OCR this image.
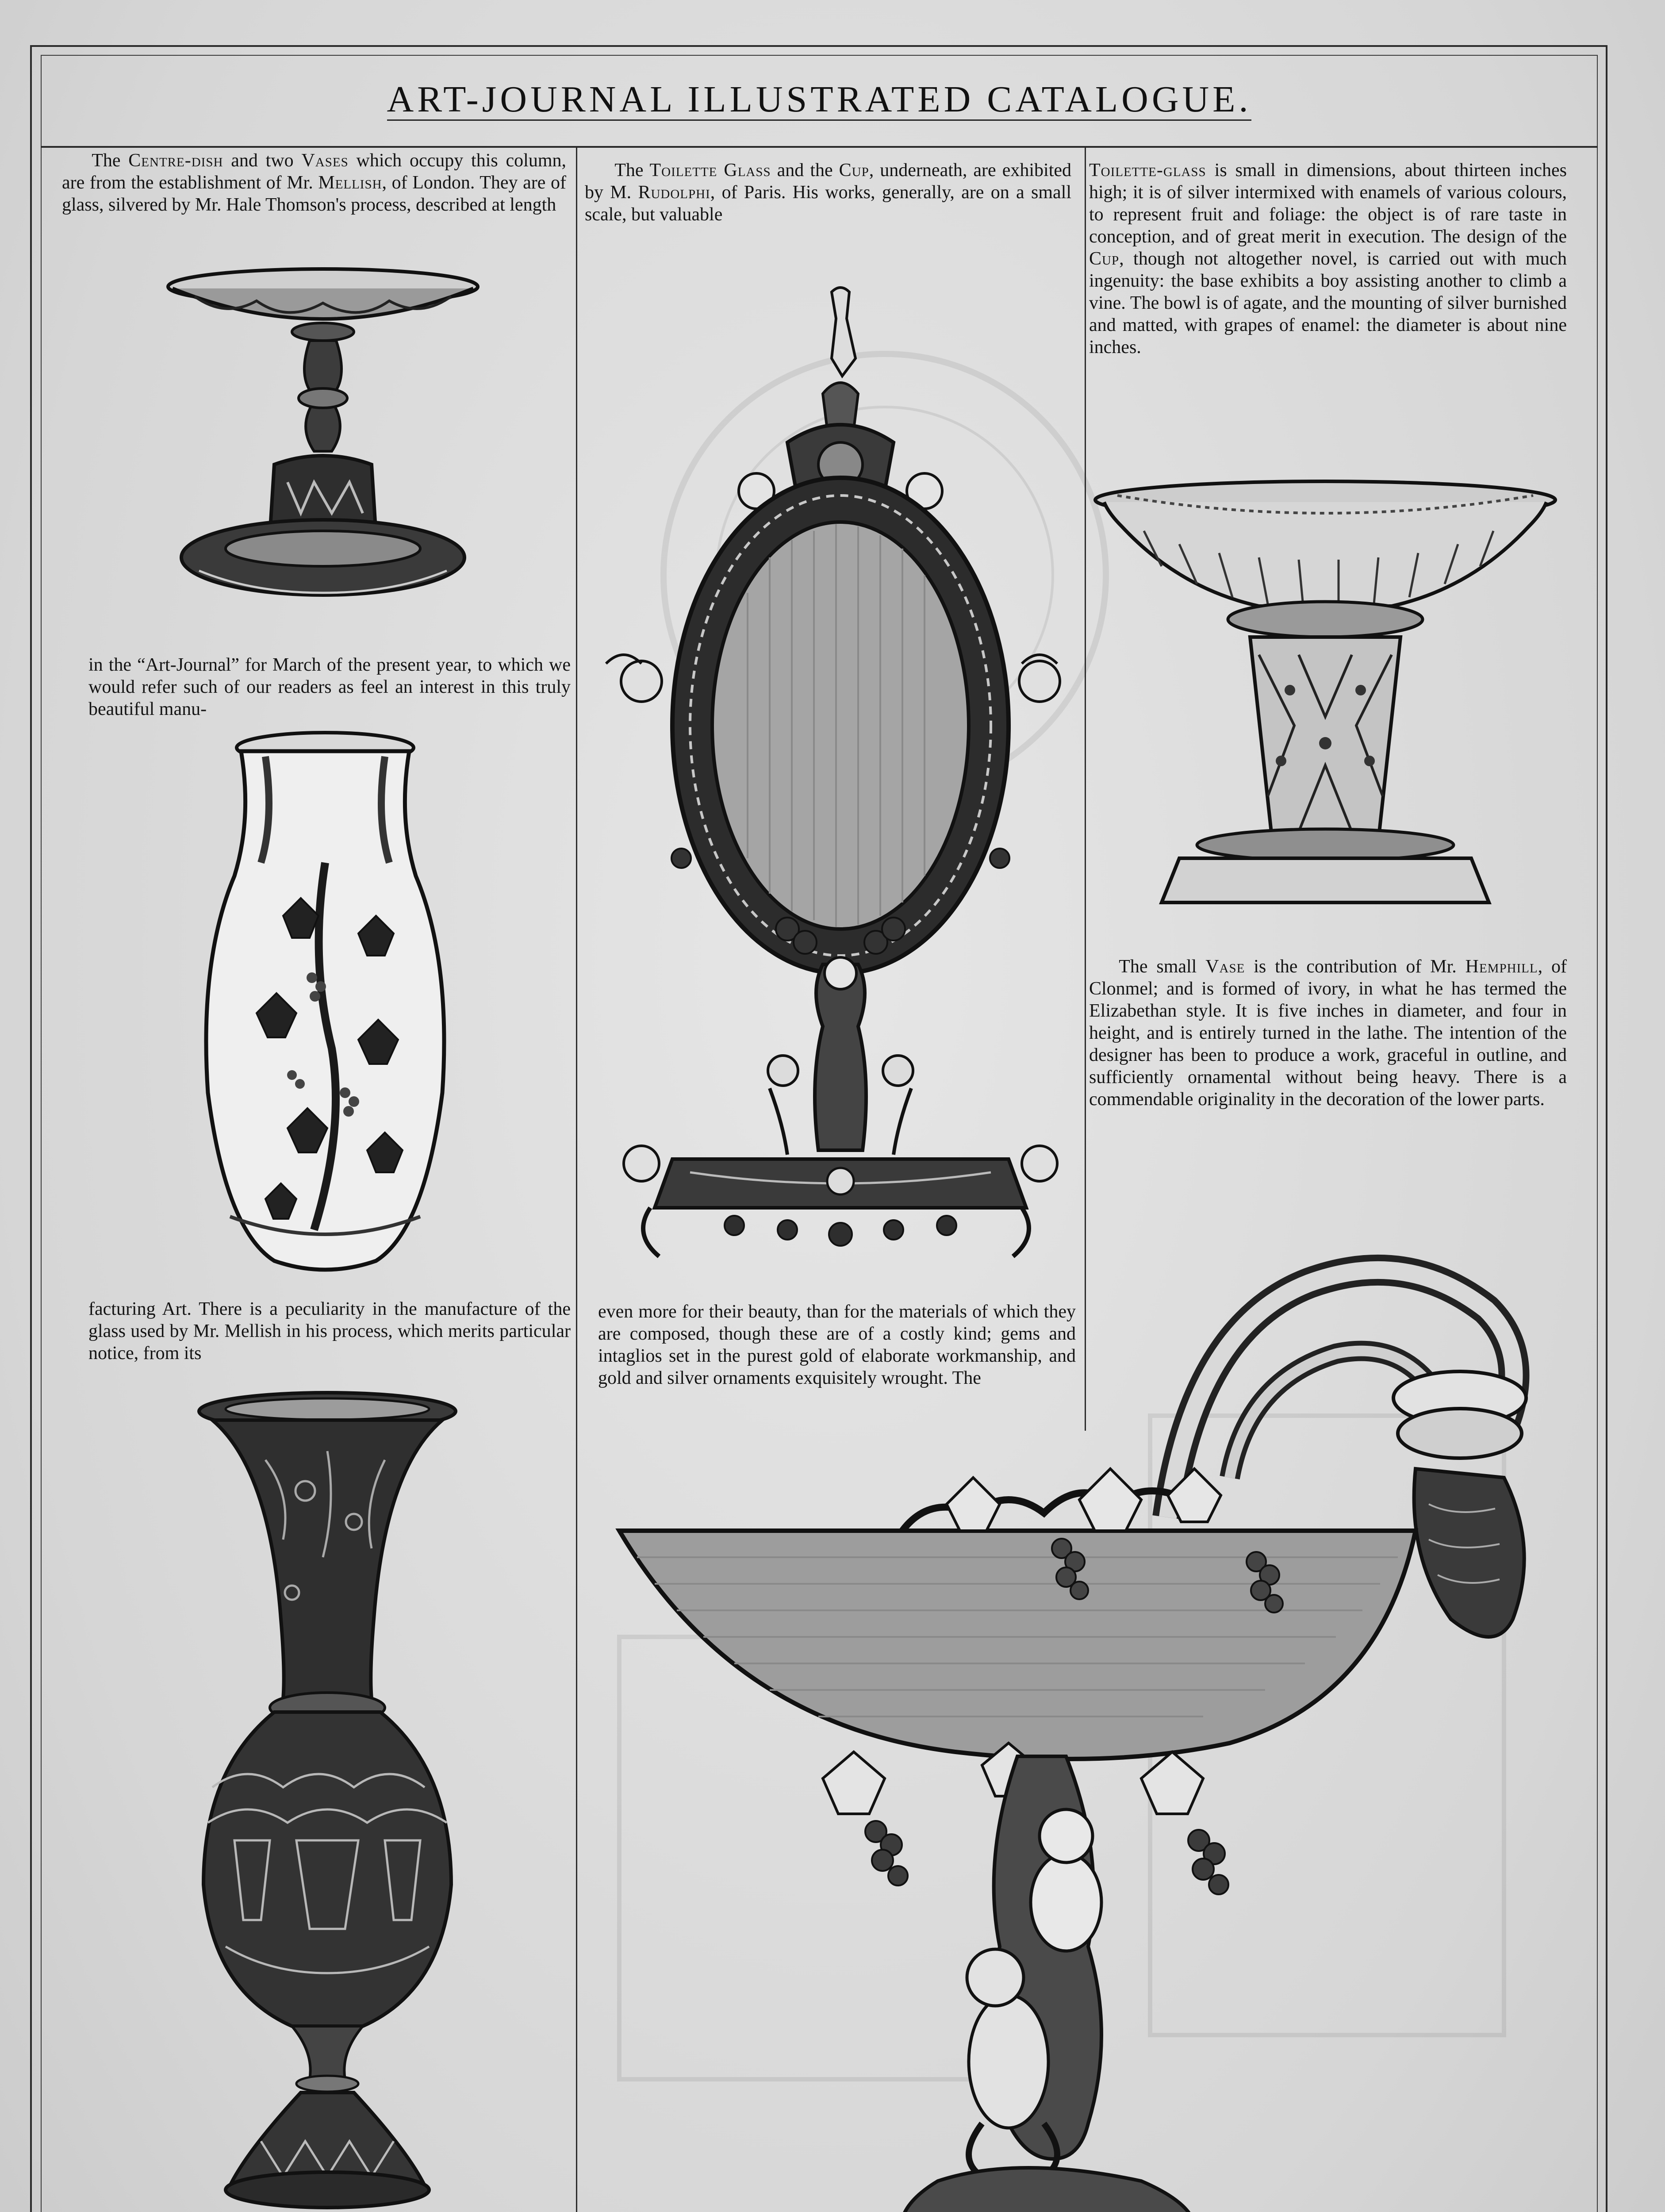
ART-JOURNAL ILLUSTRATED CATALOGUE.

The Centre-dish and two Vases which occupy this column, are from the establishment of Mr. Mellish, of London. They are of glass, silvered by Mr. Hale Thomson's process, described at length

in the “Art-Journal” for March of the present year, to which we would refer such of our readers as feel an interest in this truly beautiful manu-

facturing Art. There is a peculiarity in the manufacture of the glass used by Mr. Mellish in his process, which merits particular notice, from its

The Toilette Glass and the Cup, underneath, are exhibited by M. Rudolphi, of Paris. His works, generally, are on a small scale, but valuable

even more for their beauty, than for the materials of which they are composed, though these are of a costly kind; gems and intaglios set in the purest gold of elaborate workmanship, and gold and silver ornaments exquisitely wrought. The

Toilette-glass is small in dimensions, about thirteen inches high; it is of silver intermixed with enamels of various colours, to represent fruit and foliage: the object is of rare taste in conception, and of great merit in execution. The design of the Cup, though not altogether novel, is carried out with much ingenuity: the base exhibits a boy assisting another to climb a vine. The bowl is of agate, and the mounting of silver burnished and matted, with grapes of enamel: the diameter is about nine inches.

The small Vase is the contribution of Mr. Hemphill, of Clonmel; and is formed of ivory, in what he has termed the Elizabethan style. It is five inches in diameter, and four in height, and is entirely turned in the lathe. The intention of the designer has been to produce a work, graceful in outline, and sufficiently ornamental without being heavy. There is a commendable originality in the decoration of the lower parts.
